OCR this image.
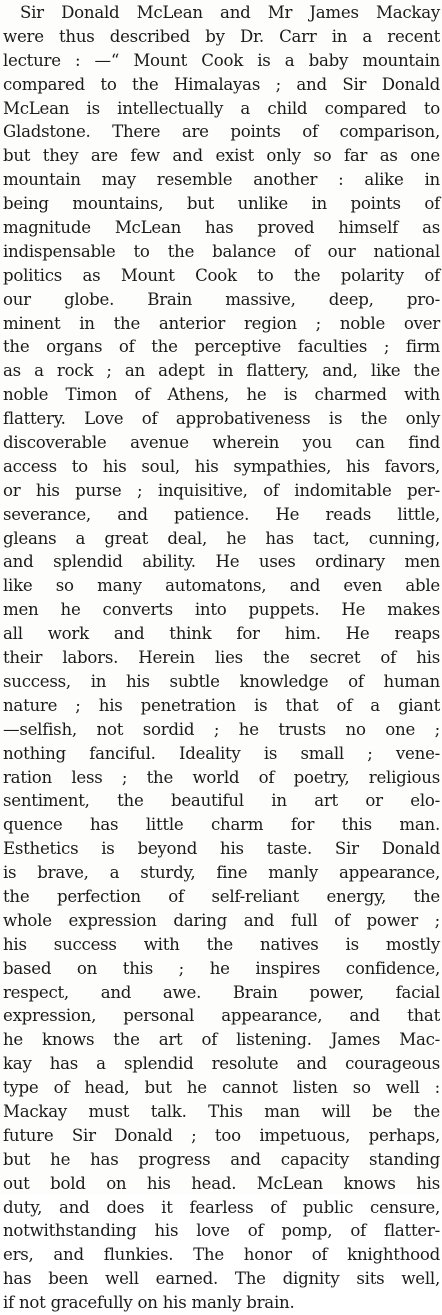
Sir Donald McLean and Mr James Mackay
were thus described by Dr. Carr in a recent
lecture : —“ Mount Cook is a baby mountain
compared to the Himalayas ; and Sir Donald
McLean is intellectually a child compared to
Gladstone. There are points of comparison,
but they are few and exist only so far as one
mountain may resemble another : alike in
being mountains, but unlike in points of
magnitude McLean has proved himself as
indispensable to the balance of our national
politics as Mount Cook to the polarity of
our globe. Brain massive, deep, pro-
minent in the anterior region ; noble over
the organs of the perceptive faculties ; firm
as a rock ; an adept in flattery, and, like the
noble Timon of Athens, he is charmed with
flattery. Love of approbativeness is the only
discoverable avenue wherein you can find
access to his soul, his sympathies, his favors,
or his purse ; inquisitive, of indomitable per-
severance, and patience. He reads little,
gleans a great deal, he has tact, cunning,
and splendid ability. He uses ordinary men
like so many automatons, and even able
men he converts into puppets. He makes
all work and think for him. He reaps
their labors. Herein lies the secret of his
success, in his subtle knowledge of human
nature ; his penetration is that of a giant
—selfish, not sordid ; he trusts no one ;
nothing fanciful. Ideality is small ; vene-
ration less ; the world of poetry, religious
sentiment, the beautiful in art or elo-
quence has little charm for this man.
Esthetics is beyond his taste. Sir Donald
is brave, a sturdy, fine manly appearance,
the perfection of self-reliant energy, the
whole expression daring and full of power ;
his success with the natives is mostly
based on this ; he inspires confidence,
respect, and awe. Brain power, facial
expression, personal appearance, and that
he knows the art of listening. James Mac-
kay has a splendid resolute and courageous
type of head, but he cannot listen so well :
Mackay must talk. This man will be the
future Sir Donald ; too impetuous, perhaps,
but he has progress and capacity standing
out bold on his head. McLean knows his
duty, and does it fearless of public censure,
notwithstanding his love of pomp, of flatter-
ers, and flunkies. The honor of knighthood
has been well earned. The dignity sits well,
if not gracefully on his manly brain.
